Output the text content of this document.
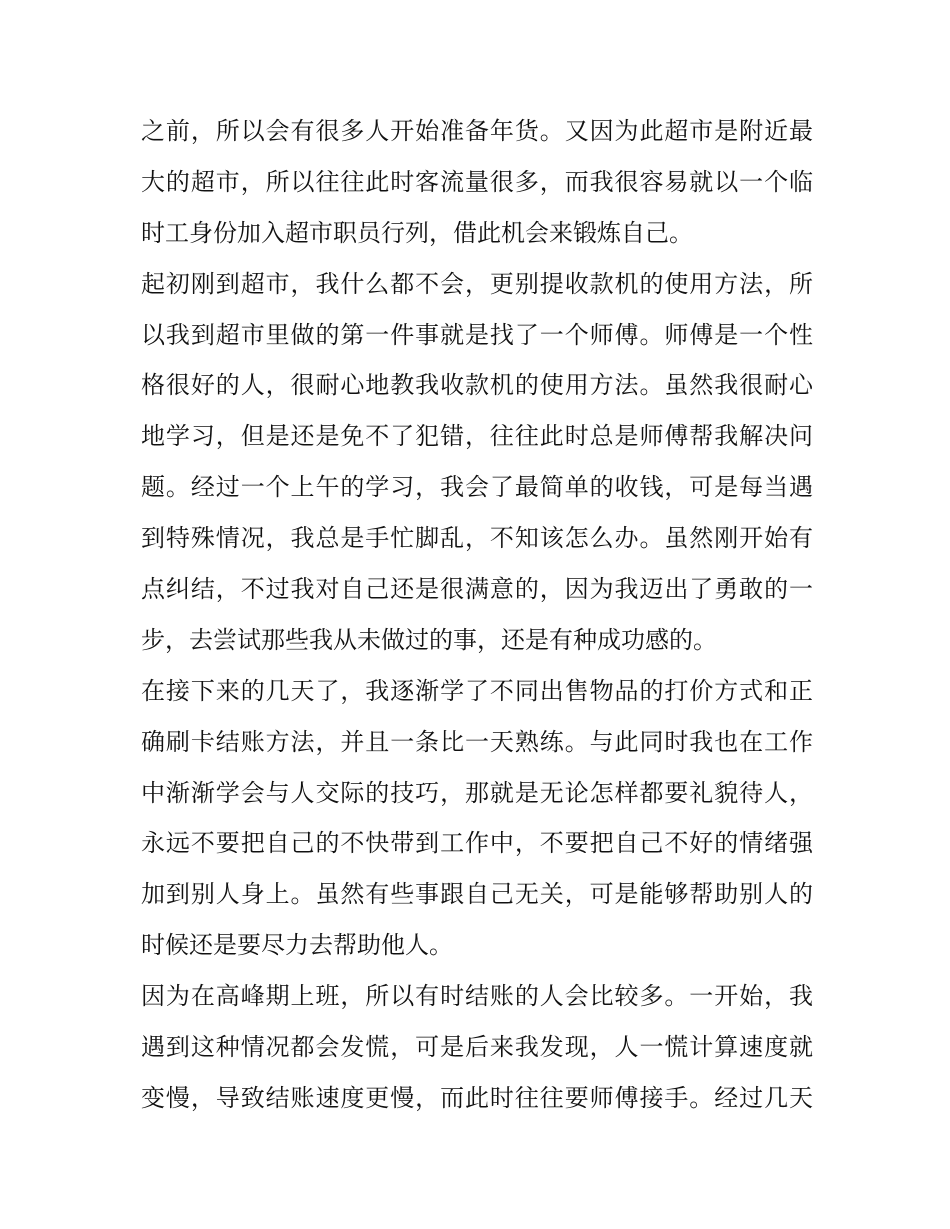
之前，所以会有很多人开始准备年货。又因为此超市是附近最
大的超市，所以往往此时客流量很多，而我很容易就以一个临
时工身份加入超市职员行列，借此机会来锻炼自己。
起初刚到超市，我什么都不会，更别提收款机的使用方法，所
以我到超市里做的第一件事就是找了一个师傅。师傅是一个性
格很好的人，很耐心地教我收款机的使用方法。虽然我很耐心
地学习，但是还是免不了犯错，往往此时总是师傅帮我解决问
题。经过一个上午的学习，我会了最简单的收钱，可是每当遇
到特殊情况，我总是手忙脚乱，不知该怎么办。虽然刚开始有
点纠结，不过我对自己还是很满意的，因为我迈出了勇敢的一
步，去尝试那些我从未做过的事，还是有种成功感的。
在接下来的几天了，我逐渐学了不同出售物品的打价方式和正
确刷卡结账方法，并且一条比一天熟练。与此同时我也在工作
中渐渐学会与人交际的技巧，那就是无论怎样都要礼貌待人，
永远不要把自己的不快带到工作中，不要把自己不好的情绪强
加到别人身上。虽然有些事跟自己无关，可是能够帮助别人的
时候还是要尽力去帮助他人。
因为在高峰期上班，所以有时结账的人会比较多。一开始，我
遇到这种情况都会发慌，可是后来我发现，人一慌计算速度就
变慢，导致结账速度更慢，而此时往往要师傅接手。经过几天
